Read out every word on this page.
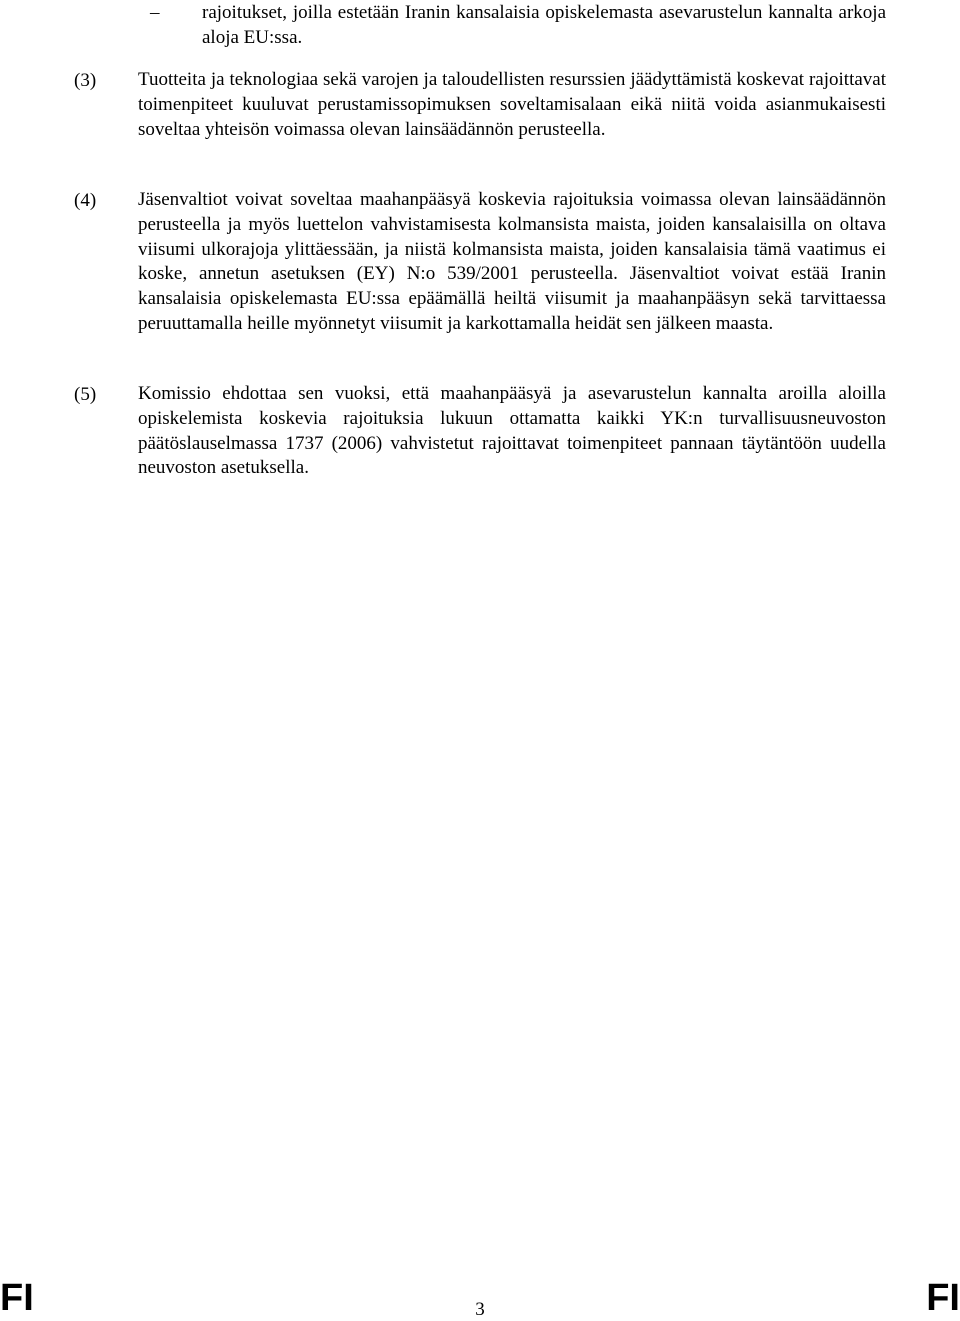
– rajoitukset, joilla estetään Iranin kansalaisia opiskelemasta asevarustelun kannalta arkoja aloja EU:ssa.
(3) Tuotteita ja teknologiaa sekä varojen ja taloudellisten resurssien jäädyttämistä koskevat rajoittavat toimenpiteet kuuluvat perustamissopimuksen soveltamisalaan eikä niitä voida asianmukaisesti soveltaa yhteisön voimassa olevan lainsäädännön perusteella.

(4) Jäsenvaltiot voivat soveltaa maahanpääsyä koskevia rajoituksia voimassa olevan lainsäädännön perusteella ja myös luettelon vahvistamisesta kolmansista maista, joiden kansalaisilla on oltava viisumi ulkorajoja ylittäessään, ja niistä kolmansista maista, joiden kansalaisia tämä vaatimus ei koske, annetun asetuksen (EY) N:o 539/2001 perusteella. Jäsenvaltiot voivat estää Iranin kansalaisia opiskelemasta EU:ssa epäämällä heiltä viisumit ja maahanpääsyn sekä tarvittaessa peruuttamalla heille myönnetyt viisumit ja karkottamalla heidät sen jälkeen maasta.

(5) Komissio ehdottaa sen vuoksi, että maahanpääsyä ja asevarustelun kannalta aroilla aloilla opiskelemista koskevia rajoituksia lukuun ottamatta kaikki YK:n turvallisuusneuvoston päätöslauselmassa 1737 (2006) vahvistetut rajoittavat toimenpiteet pannaan täytäntöön uudella neuvoston asetuksella.

FI	3	FI
